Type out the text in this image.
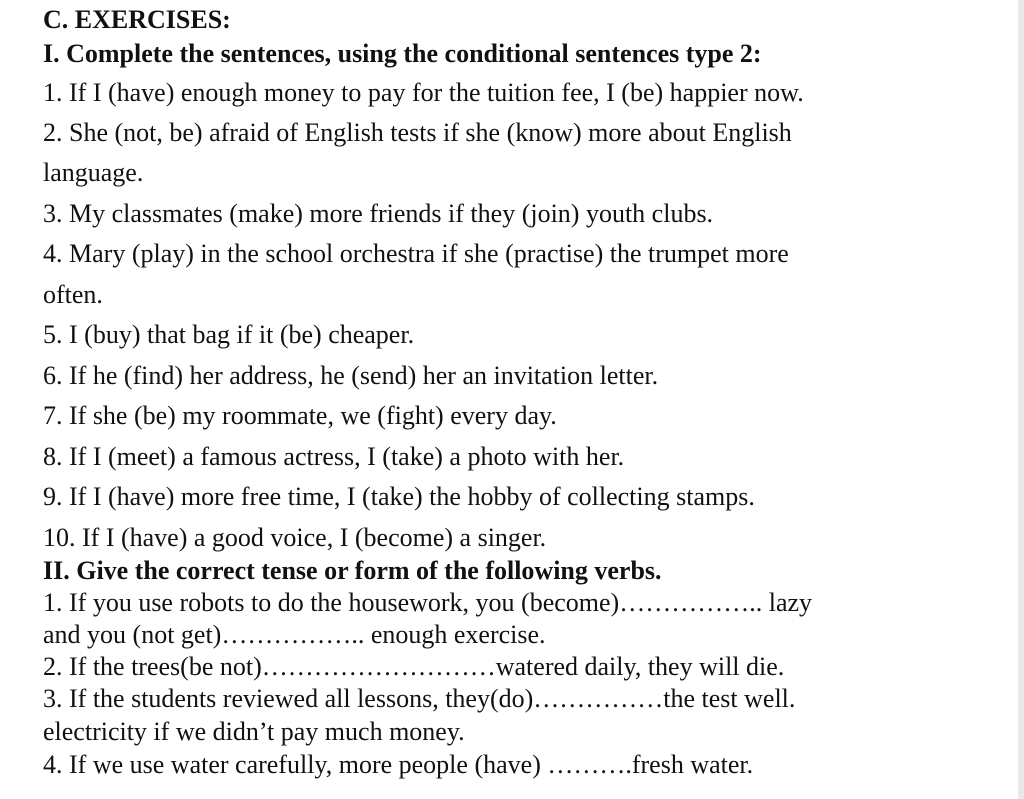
C. EXERCISES:
I. Complete the sentences, using the conditional sentences type 2:
1. If I (have) enough money to pay for the tuition fee, I (be) happier now.
2. She (not, be) afraid of English tests if she (know) more about English
language.
3. My classmates (make) more friends if they (join) youth clubs.
4. Mary (play) in the school orchestra if she (practise) the trumpet more
often.
5. I (buy) that bag if it (be) cheaper.
6. If he (find) her address, he (send) her an invitation letter.
7. If she (be) my roommate, we (fight) every day.
8. If I (meet) a famous actress, I (take) a photo with her.
9. If I (have) more free time, I (take) the hobby of collecting stamps.
10. If I (have) a good voice, I (become) a singer.
II. Give the correct tense or form of the following verbs.
1. If you use robots to do the housework, you (become)…………….. lazy
and you (not get)…………….. enough exercise.
2. If the trees(be not)………………………watered daily, they will die.
3. If the students reviewed all lessons, they(do)……………the test well.
electricity if we didn’t pay much money.
4. If we use water carefully, more people (have) ……….fresh water.
